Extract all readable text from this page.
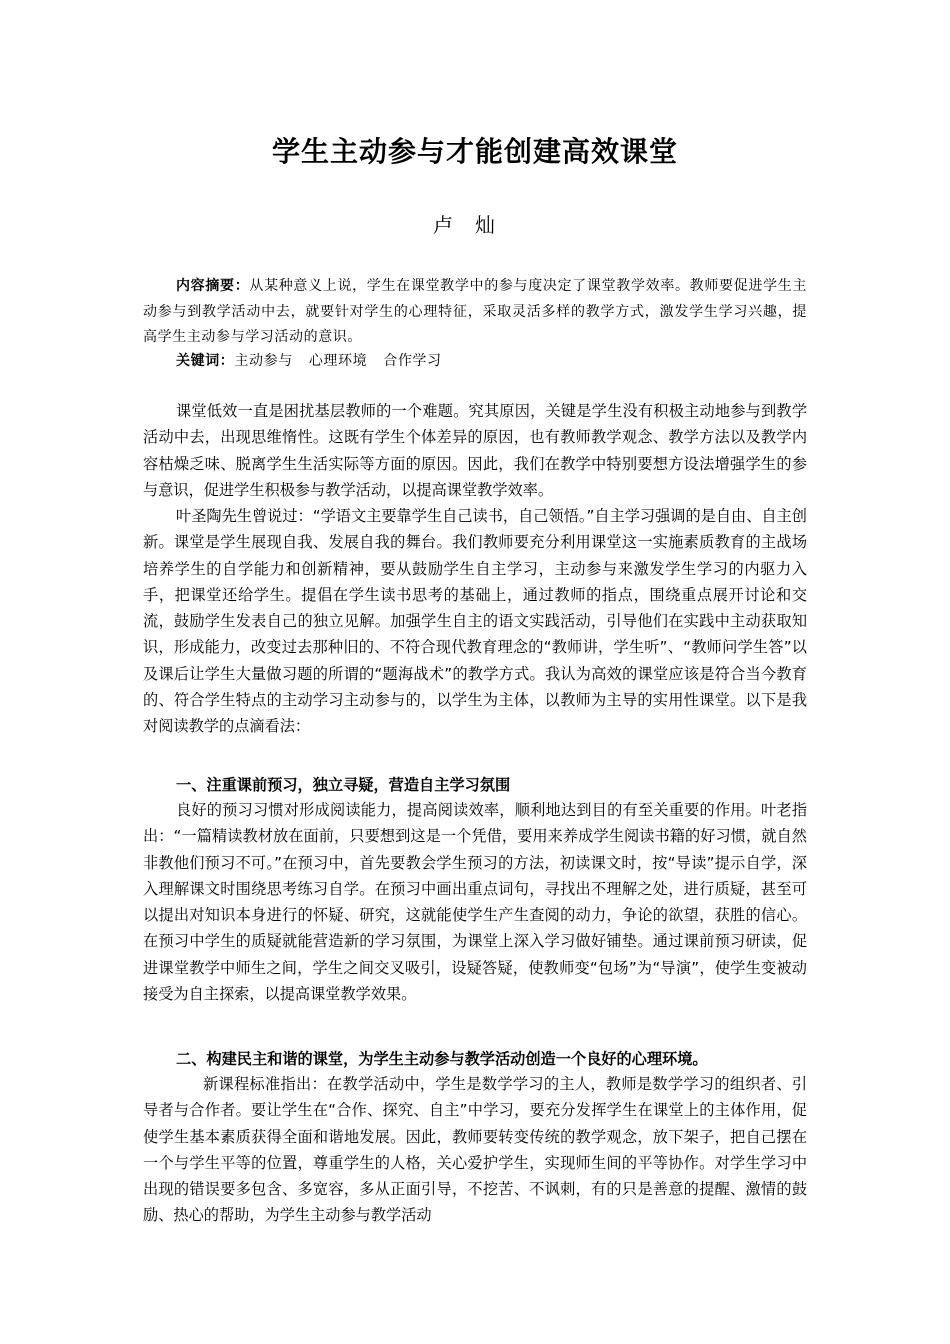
学生主动参与才能创建高效课堂
卢灿

内容摘要：从某种意义上说，学生在课堂教学中的参与度决定了课堂教学效率。教师要促进学生主动参与到教学活动中去，就要针对学生的心理特征，采取灵活多样的教学方式，激发学生学习兴趣，提高学生主动参与学习活动的意识。

关键词：主动参与 心理环境 合作学习

课堂低效一直是困扰基层教师的一个难题。究其原因，关键是学生没有积极主动地参与到教学活动中去，出现思维惰性。这既有学生个体差异的原因，也有教师教学观念、教学方法以及教学内容枯燥乏味、脱离学生生活实际等方面的原因。因此，我们在教学中特别要想方设法增强学生的参与意识，促进学生积极参与教学活动，以提高课堂教学效率。

叶圣陶先生曾说过：“学语文主要靠学生自己读书，自己领悟。”自主学习强调的是自由、自主创新。课堂是学生展现自我、发展自我的舞台。我们教师要充分利用课堂这一实施素质教育的主战场培养学生的自学能力和创新精神，要从鼓励学生自主学习，主动参与来激发学生学习的内驱力入手，把课堂还给学生。提倡在学生读书思考的基础上，通过教师的指点，围绕重点展开讨论和交流，鼓励学生发表自己的独立见解。加强学生自主的语文实践活动，引导他们在实践中主动获取知识，形成能力，改变过去那种旧的、不符合现代教育理念的“教师讲，学生听”、“教师问学生答”以及课后让学生大量做习题的所谓的“题海战术”的教学方式。我认为高效的课堂应该是符合当今教育的、符合学生特点的主动学习主动参与的，以学生为主体，以教师为主导的实用性课堂。以下是我对阅读教学的点滴看法：

一、注重课前预习，独立寻疑，营造自主学习氛围

良好的预习习惯对形成阅读能力，提高阅读效率，顺利地达到目的有至关重要的作用。叶老指出：“一篇精读教材放在面前，只要想到这是一个凭借，要用来养成学生阅读书籍的好习惯，就自然非教他们预习不可。”在预习中，首先要教会学生预习的方法，初读课文时，按“导读”提示自学，深入理解课文时围绕思考练习自学。在预习中画出重点词句，寻找出不理解之处，进行质疑，甚至可以提出对知识本身进行的怀疑、研究，这就能使学生产生查阅的动力，争论的欲望，获胜的信心。在预习中学生的质疑就能营造新的学习氛围，为课堂上深入学习做好铺垫。通过课前预习研读，促进课堂教学中师生之间，学生之间交叉吸引，设疑答疑，使教师变“包场”为“导演”，使学生变被动接受为自主探索，以提高课堂教学效果。

二、构建民主和谐的课堂，为学生主动参与教学活动创造一个良好的心理环境。

新课程标准指出：在教学活动中，学生是数学学习的主人，教师是数学学习的组织者、引导者与合作者。要让学生在“合作、探究、自主”中学习，要充分发挥学生在课堂上的主体作用，促使学生基本素质获得全面和谐地发展。因此，教师要转变传统的教学观念，放下架子，把自己摆在一个与学生平等的位置，尊重学生的人格，关心爱护学生，实现师生间的平等协作。对学生学习中出现的错误要多包含、多宽容，多从正面引导，不挖苦、不讽刺，有的只是善意的提醒、激情的鼓励、热心的帮助，为学生主动参与教学活动
